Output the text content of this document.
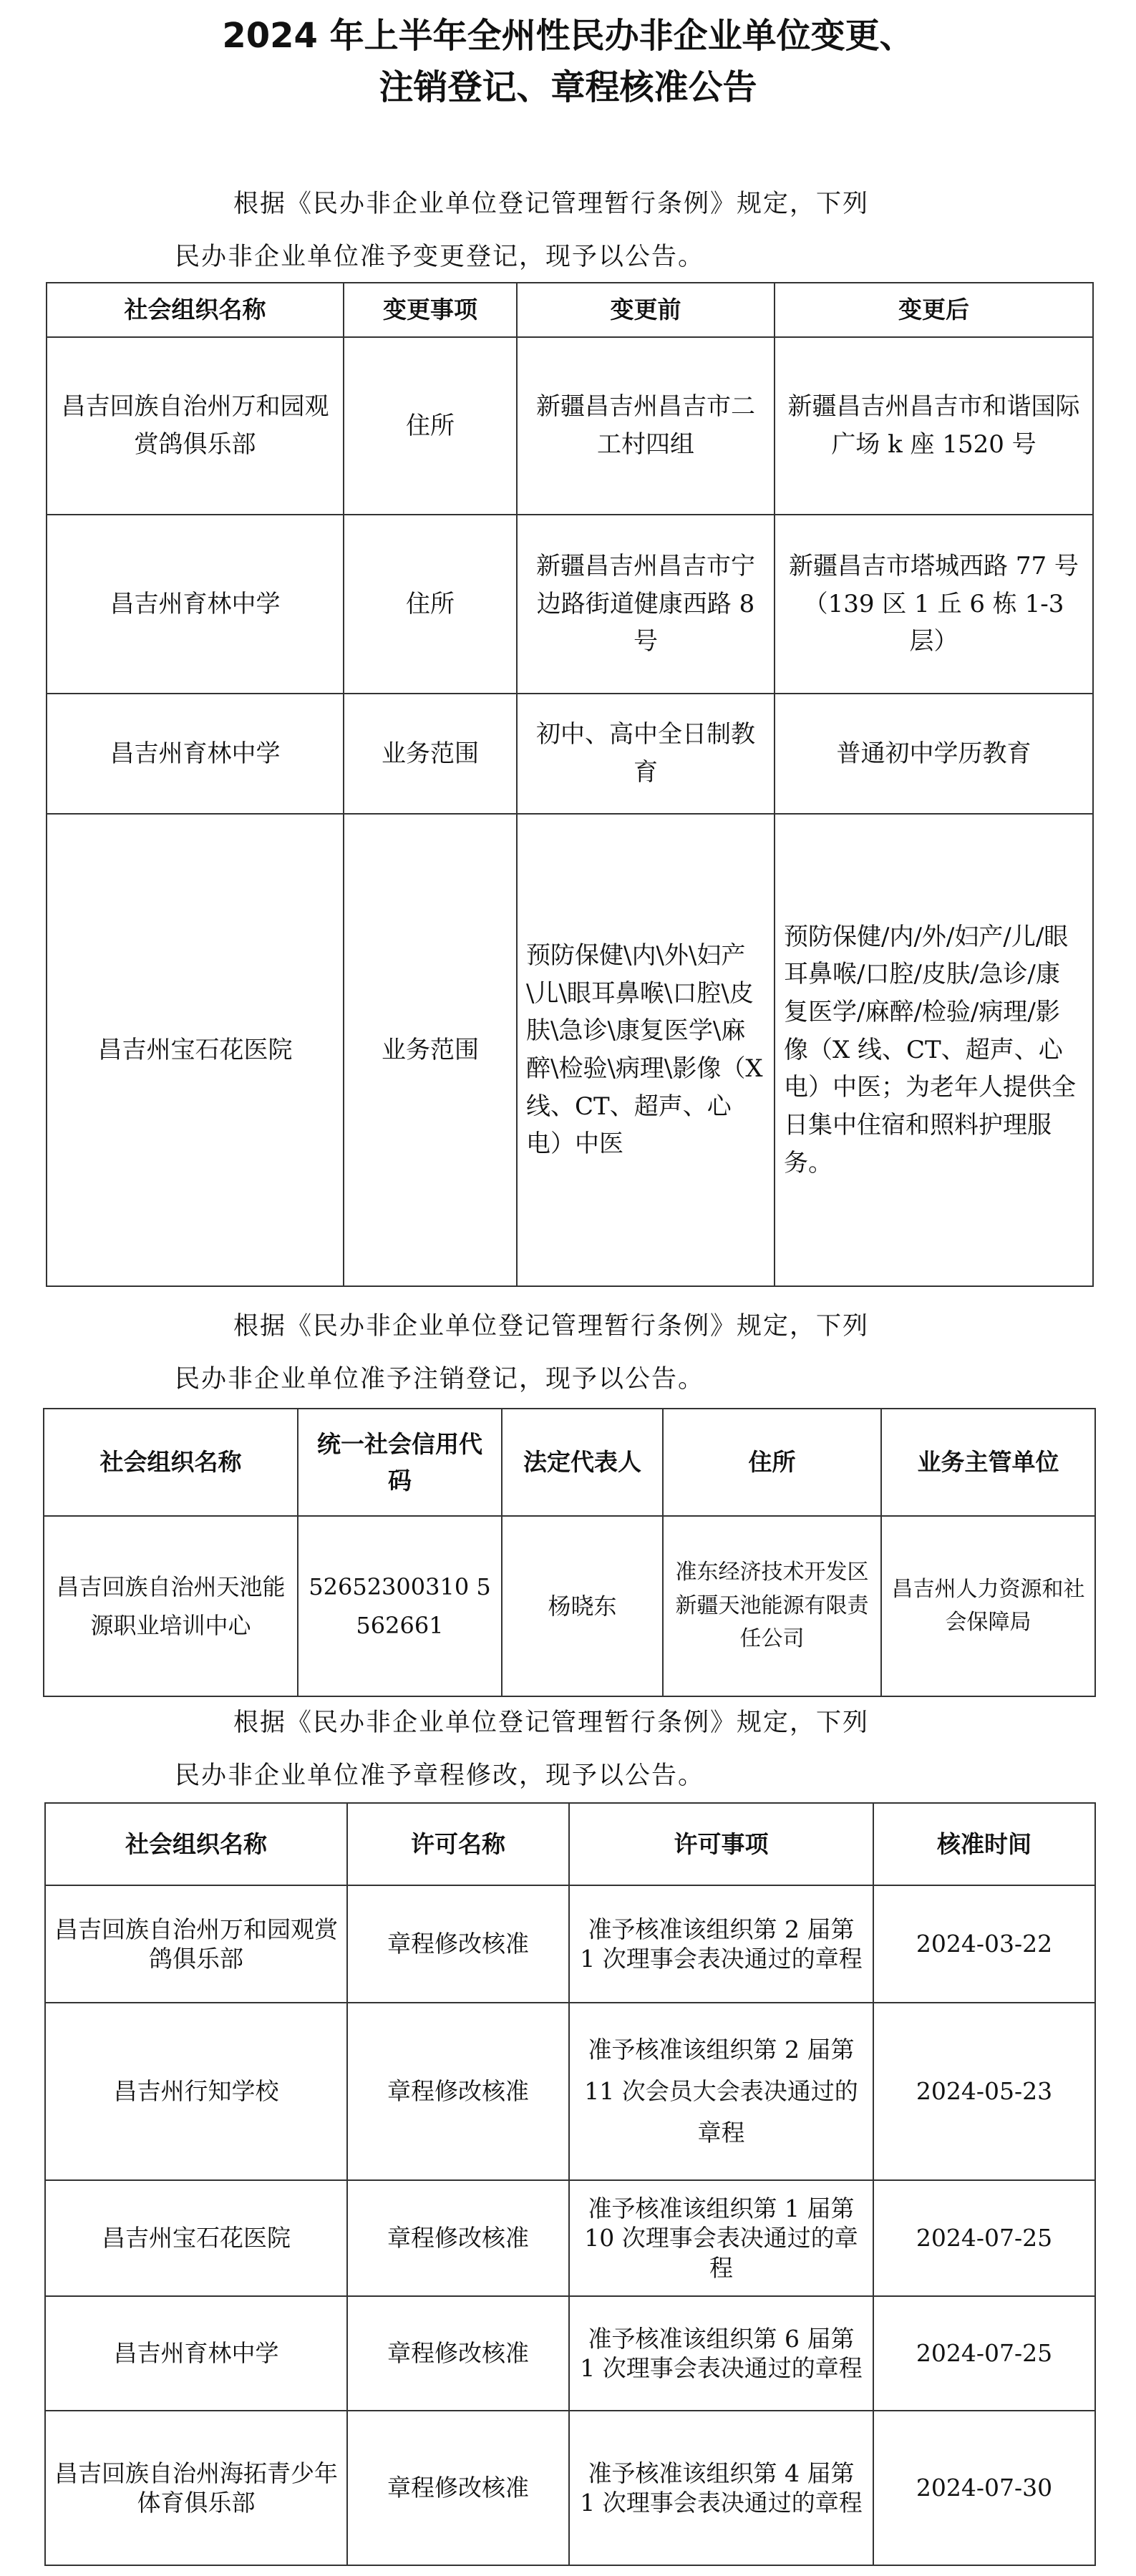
2024 年上半年全州性民办非企业单位变更、
注销登记、章程核准公告
根据《民办非企业单位登记管理暂行条例》规定，下列
民办非企业单位准予变更登记，现予以公告。
社会组织名称	变更事项	变更前	变更后
昌吉回族自治州万和园观赏鸽俱乐部	住所	新疆昌吉州昌吉市二工村四组	新疆昌吉州昌吉市和谐国际广场 k 座 1520 号
昌吉州育林中学	住所	新疆昌吉州昌吉市宁边路街道健康西路 8 号	新疆昌吉市塔城西路 77 号（139 区 1 丘 6 栋 1-3 层）
昌吉州育林中学	业务范围	初中、高中全日制教育	普通初中学历教育
昌吉州宝石花医院	业务范围	预防保健\内\外\妇产\儿\眼耳鼻喉\口腔\皮肤\急诊\康复医学\麻醉\检验\病理\影像（X 线、CT、超声、心电）中医	预防保健/内/外/妇产/儿/眼耳鼻喉/口腔/皮肤/急诊/康复医学/麻醉/检验/病理/影像（X 线、CT、超声、心电）中医；为老年人提供全日集中住宿和照料护理服务。
根据《民办非企业单位登记管理暂行条例》规定，下列
民办非企业单位准予注销登记，现予以公告。
社会组织名称	统一社会信用代码	法定代表人	住所	业务主管单位
昌吉回族自治州天池能源职业培训中心	52652300310 5562661	杨晓东	准东经济技术开发区新疆天池能源有限责任公司	昌吉州人力资源和社会保障局
根据《民办非企业单位登记管理暂行条例》规定，下列
民办非企业单位准予章程修改，现予以公告。
社会组织名称	许可名称	许可事项	核准时间
昌吉回族自治州万和园观赏鸽俱乐部	章程修改核准	准予核准该组织第 2 届第 1 次理事会表决通过的章程	2024-03-22
昌吉州行知学校	章程修改核准	准予核准该组织第 2 届第 11 次会员大会表决通过的章程	2024-05-23
昌吉州宝石花医院	章程修改核准	准予核准该组织第 1 届第 10 次理事会表决通过的章程	2024-07-25
昌吉州育林中学	章程修改核准	准予核准该组织第 6 届第 1 次理事会表决通过的章程	2024-07-25
昌吉回族自治州海拓青少年体育俱乐部	章程修改核准	准予核准该组织第 4 届第 1 次理事会表决通过的章程	2024-07-30
